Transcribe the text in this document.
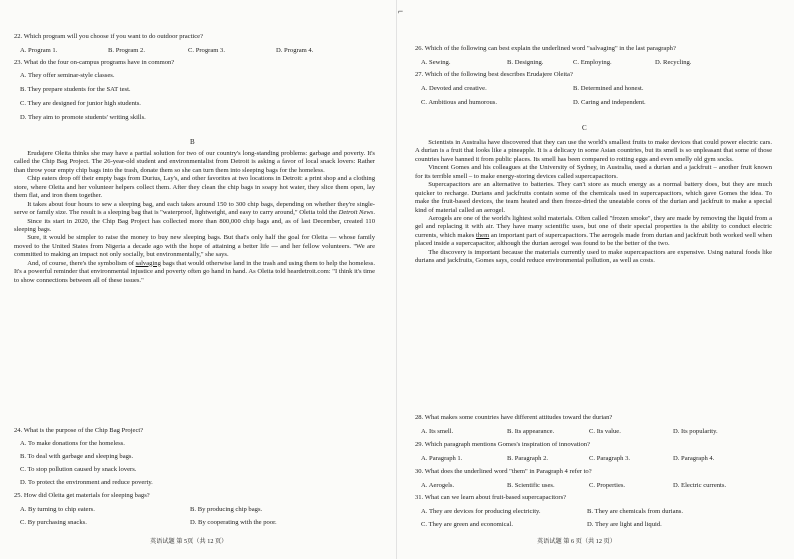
⌐
22. Which program will you choose if you want to do outdoor practice?
A. Program 1.	B. Program 2.	C. Program 3.	D. Program 4.
23. What do the four on-campus programs have in common?
A. They offer seminar-style classes.
B. They prepare students for the SAT test.
C. They are designed for junior high students.
D. They aim to promote students' writing skills.
B

Erudajere Oleita thinks she may have a partial solution for two of our country's long-standing problems: garbage and poverty. It's called the Chip Bag Project. The 26-year-old student and environmentalist from Detroit is asking a favor of local snack lovers: Rather than throw your empty chip bags into the trash, donate them so she can turn them into sleeping bags for the homeless.

Chip eaters drop off their empty bags from Durius, Lay's, and other favorites at two locations in Detroit: a print shop and a clothing store, where Oleita and her volunteer helpers collect them. After they clean the chip bags in soapy hot water, they slice them open, lay them flat, and iron them together.

It takes about four hours to sew a sleeping bag, and each takes around 150 to 300 chip bags, depending on whether they're single-serve or family size. The result is a sleeping bag that is "waterproof, lightweight, and easy to carry around," Oleita told the Detroit News.

Since its start in 2020, the Chip Bag Project has collected more than 800,000 chip bags and, as of last December, created 110 sleeping bags.

Sure, it would be simpler to raise the money to buy new sleeping bags. But that's only half the goal for Oleita — whose family moved to the United States from Nigeria a decade ago with the hope of attaining a better life — and her fellow volunteers. "We are committed to making an impact not only socially, but environmentally," she says.

And, of course, there's the symbolism of salvaging bags that would otherwise land in the trash and using them to help the homeless. It's a powerful reminder that environmental injustice and poverty often go hand in hand. As Oleita told heardetroit.com: "I think it's time to show connections between all of these issues."

24. What is the purpose of the Chip Bag Project?
A. To make donations for the homeless.
B. To deal with garbage and sleeping bags.
C. To stop pollution caused by snack lovers.
D. To protect the environment and reduce poverty.
25. How did Oleita get materials for sleeping bags?
A. By turning to chip eaters.	B. By producing chip bags.
C. By purchasing snacks.	D. By cooperating with the poor.
英语试题 第 5页（共 12 页）
26. Which of the following can best explain the underlined word "salvaging" in the last paragraph?
A. Sewing.	B. Designing.	C. Employing.	D. Recycling.
27. Which of the following best describes Erudajere Oleita?
A. Devoted and creative.	B. Determined and honest.
C. Ambitious and humorous.	D. Caring and independent.
C

Scientists in Australia have discovered that they can use the world's smallest fruits to make devices that could power electric cars. A durian is a fruit that looks like a pineapple. It is a delicacy in some Asian countries, but its smell is so unpleasant that some of those countries have banned it from public places. Its smell has been compared to rotting eggs and even smelly old gym socks.

Vincent Gomes and his colleagues at the University of Sydney, in Australia, used a durian and a jackfruit – another fruit known for its terrible smell – to make energy-storing devices called supercapacitors.

Supercapacitors are an alternative to batteries. They can't store as much energy as a normal battery does, but they are much quicker to recharge. Durians and jackfruits contain some of the chemicals used in supercapacitors, which gave Gomes the idea. To make the fruit-based devices, the team heated and then freeze-dried the uneatable cores of the durian and jackfruit to make a special kind of material called an aerogel.

Aerogels are one of the world's lightest solid materials. Often called "frozen smoke", they are made by removing the liquid from a gel and replacing it with air. They have many scientific uses, but one of their special properties is the ability to conduct electric currents, which makes them an important part of supercapacitors. The aerogels made from durian and jackfruit both worked well when placed inside a supercapacitor, although the durian aerogel was found to be the better of the two.

The discovery is important because the materials currently used to make supercapacitors are expensive. Using natural foods like durians and jackfruits, Gomes says, could reduce environmental pollution, as well as costs.

28. What makes some countries have different attitudes toward the durian?
A. Its smell.	B. Its appearance.	C. Its value.	D. Its popularity.
29. Which paragraph mentions Gomes's inspiration of innovation?
A. Paragraph 1.	B. Paragraph 2.	C. Paragraph 3.	D. Paragraph 4.
30. What does the underlined word "them" in Paragraph 4 refer to?
A. Aerogels.	B. Scientific uses.	C. Properties.	D. Electric currents.
31. What can we learn about fruit-based supercapacitors?
A. They are devices for producing electricity.	B. They are chemicals from durians.
C. They are green and economical.	D. They are light and liquid.
英语试题 第 6 页（共 12 页）
